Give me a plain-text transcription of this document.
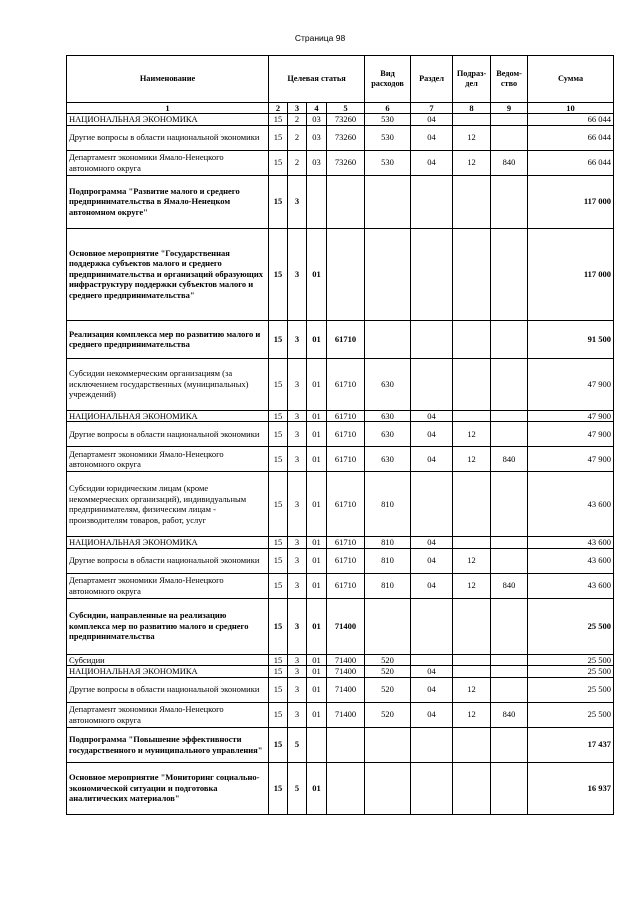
Страница 98
Наименование	Целевая статья				Вид расходов	Раздел	Подраз-дел	Ведом-ство	Сумма
1	2	3	4	5	6	7	8	9	10
НАЦИОНАЛЬНАЯ ЭКОНОМИКА	15	2	03	73260	530	04			66 044
Другие вопросы в области национальной экономики	15	2	03	73260	530	04	12		66 044
Департамент экономики Ямало-Ненецкого автономного округа	15	2	03	73260	530	04	12	840	66 044
Подпрограмма "Развитие малого и среднего предпринимательства в Ямало-Ненецком автономном округе"	15	3							117 000
Основное мероприятие "Государственная поддержка субъектов малого и среднего предпринимательства и организаций образующих инфраструктуру поддержки субъектов малого и среднего предпринимательства"	15	3	01						117 000
Реализация комплекса мер по развитию малого и среднего предпринимательства	15	3	01	61710					91 500
Субсидии некоммерческим организациям (за исключением государственных (муниципальных) учреждений)	15	3	01	61710	630				47 900
НАЦИОНАЛЬНАЯ ЭКОНОМИКА	15	3	01	61710	630	04			47 900
Другие вопросы в области национальной экономики	15	3	01	61710	630	04	12		47 900
Департамент экономики Ямало-Ненецкого автономного округа	15	3	01	61710	630	04	12	840	47 900
Субсидии юридическим лицам (кроме некоммерческих организаций), индивидуальным предпринимателям, физическим лицам - производителям товаров, работ, услуг	15	3	01	61710	810				43 600
НАЦИОНАЛЬНАЯ ЭКОНОМИКА	15	3	01	61710	810	04			43 600
Другие вопросы в области национальной экономики	15	3	01	61710	810	04	12		43 600
Департамент экономики Ямало-Ненецкого автономного округа	15	3	01	61710	810	04	12	840	43 600
Субсидии, направленные на реализацию комплекса мер по развитию малого и среднего предпринимательства	15	3	01	71400					25 500
Субсидии	15	3	01	71400	520				25 500
НАЦИОНАЛЬНАЯ ЭКОНОМИКА	15	3	01	71400	520	04			25 500
Другие вопросы в области национальной экономики	15	3	01	71400	520	04	12		25 500
Департамент экономики Ямало-Ненецкого автономного округа	15	3	01	71400	520	04	12	840	25 500
Подпрограмма "Повышение эффективности государственного и муниципального управления"	15	5							17 437
Основное мероприятие "Мониторинг социально-экономической ситуации и подготовка аналитических материалов"	15	5	01						16 937
